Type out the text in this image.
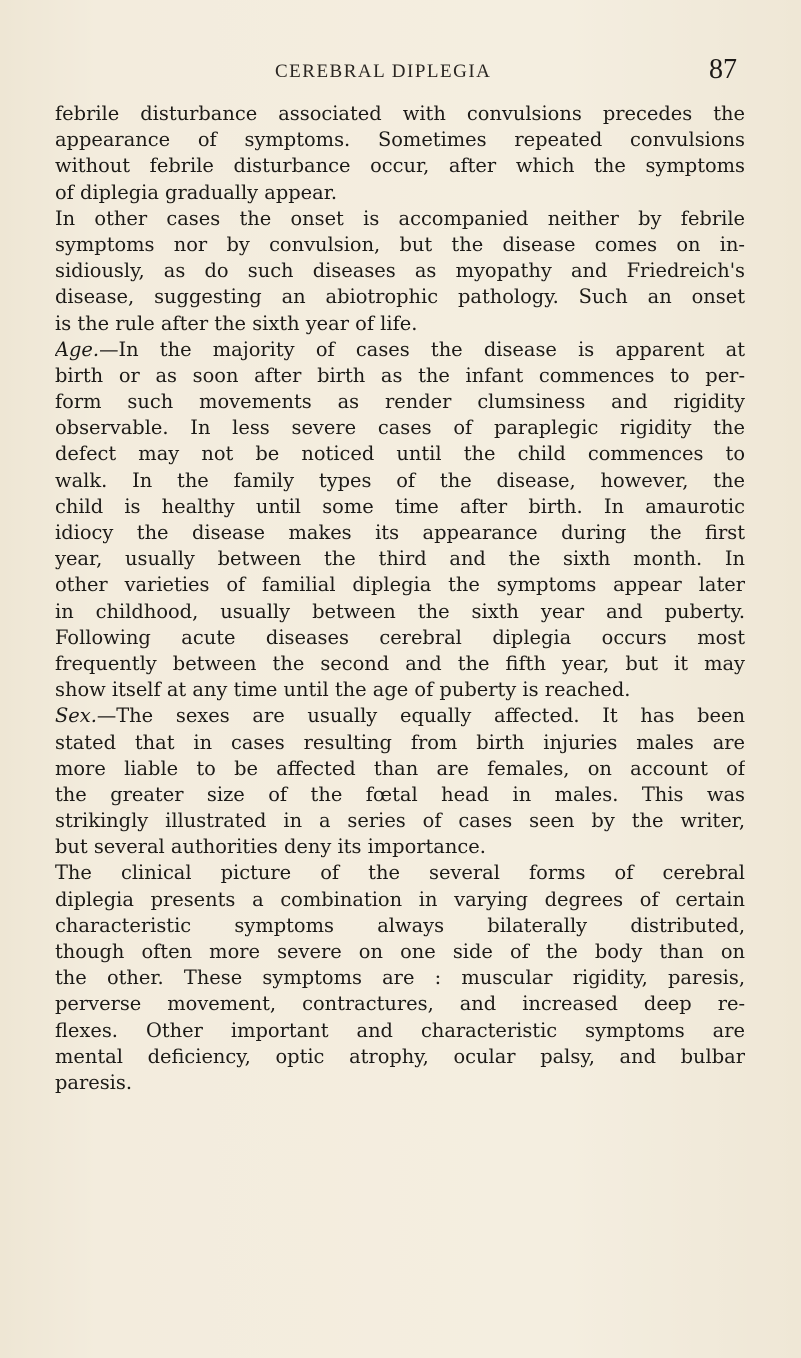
CEREBRAL DIPLEGIA	87
febrile disturbance associated with convulsions precedes the
appearance of symptoms. Sometimes repeated convulsions
without febrile disturbance occur, after which the symptoms
of diplegia gradually appear.
In other cases the onset is accompanied neither by febrile
symptoms nor by convulsion, but the disease comes on in-
sidiously, as do such diseases as myopathy and Friedreich's
disease, suggesting an abiotrophic pathology. Such an onset
is the rule after the sixth year of life.
Age.—In the majority of cases the disease is apparent at
birth or as soon after birth as the infant commences to per-
form such movements as render clumsiness and rigidity
observable. In less severe cases of paraplegic rigidity the
defect may not be noticed until the child commences to
walk. In the family types of the disease, however, the
child is healthy until some time after birth. In amaurotic
idiocy the disease makes its appearance during the first
year, usually between the third and the sixth month. In
other varieties of familial diplegia the symptoms appear later
in childhood, usually between the sixth year and puberty.
Following acute diseases cerebral diplegia occurs most
frequently between the second and the fifth year, but it may
show itself at any time until the age of puberty is reached.
Sex.—The sexes are usually equally affected. It has been
stated that in cases resulting from birth injuries males are
more liable to be affected than are females, on account of
the greater size of the fœtal head in males. This was
strikingly illustrated in a series of cases seen by the writer,
but several authorities deny its importance.
The clinical picture of the several forms of cerebral
diplegia presents a combination in varying degrees of certain
characteristic symptoms always bilaterally distributed,
though often more severe on one side of the body than on
the other. These symptoms are : muscular rigidity, paresis,
perverse movement, contractures, and increased deep re-
flexes. Other important and characteristic symptoms are
mental deficiency, optic atrophy, ocular palsy, and bulbar
paresis.
